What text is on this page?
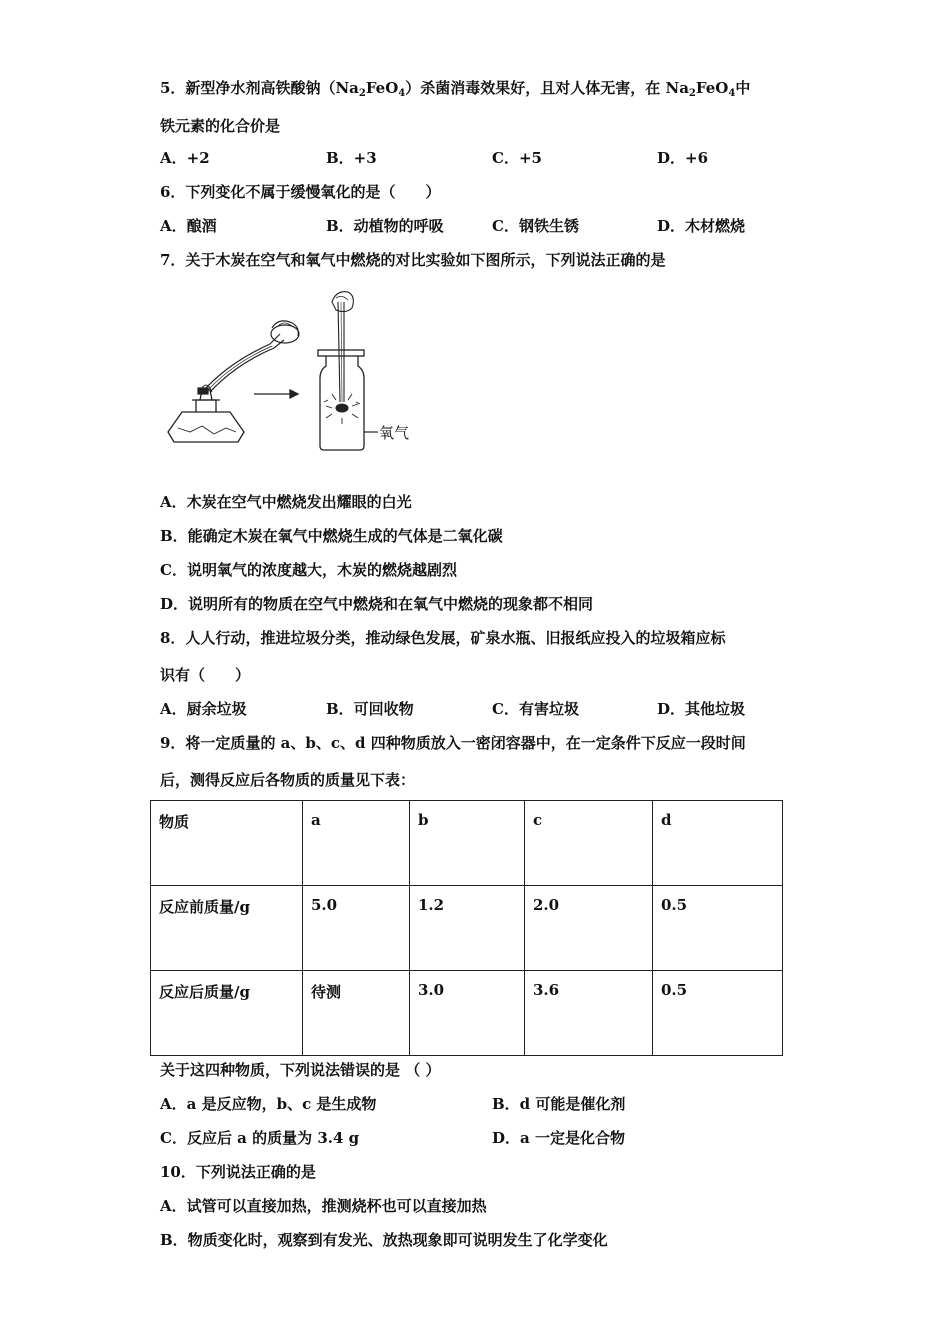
5．新型净水剂高铁酸钠$(Na_2FeO_4)$杀菌消毒效果好，且对人体无害，在 $Na_2FeO_4$中
铁元素的化合价是
A．+2	B．+3	C．+5	D．+6
6．下列变化不属于缓慢氧化的是（　　）
A．酿酒	B．动植物的呼吸	C．钢铁生锈	D．木材燃烧
7．关于木炭在空气和氧气中燃烧的对比实验如下图所示，下列说法正确的是
氧气
A．木炭在空气中燃烧发出耀眼的白光
B．能确定木炭在氧气中燃烧生成的气体是二氧化碳
C．说明氧气的浓度越大，木炭的燃烧越剧烈
D．说明所有的物质在空气中燃烧和在氧气中燃烧的现象都不相同
8．人人行动，推进垃圾分类，推动绿色发展，矿泉水瓶、旧报纸应投入的垃圾箱应标
识有（　　）
A．厨余垃圾	B．可回收物	C．有害垃圾	D．其他垃圾
9．将一定质量的 a、b、c、d 四种物质放入一密闭容器中，在一定条件下反应一段时间
后，测得反应后各物质的质量见下表：
物质	a	b	c	d
反应前质量/g	5.0	1.2	2.0	0.5
反应后质量/g	待测	3.0	3.6	0.5
关于这四种物质，下列说法错误的是 （ ）
A．a 是反应物，b、c 是生成物	B．d 可能是催化剂
C．反应后 a 的质量为 3.4 g	D．a 一定是化合物
10．下列说法正确的是
A．试管可以直接加热，推测烧杯也可以直接加热
B．物质变化时，观察到有发光、放热现象即可说明发生了化学变化
